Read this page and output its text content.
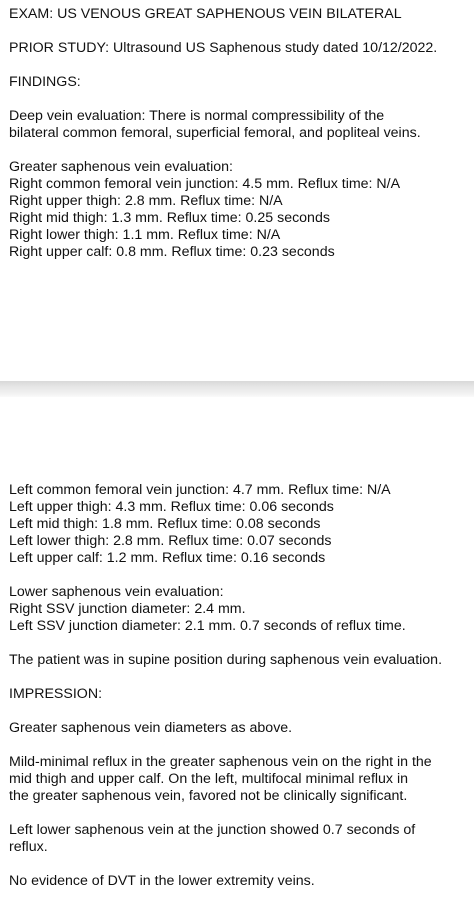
EXAM: US VENOUS GREAT SAPHENOUS VEIN BILATERAL
PRIOR STUDY: Ultrasound US Saphenous study dated 10/12/2022.
FINDINGS:
Deep vein evaluation: There is normal compressibility of the
bilateral common femoral, superficial femoral, and popliteal veins.
Greater saphenous vein evaluation:
Right common femoral vein junction: 4.5 mm. Reflux time: N/A
Right upper thigh: 2.8 mm. Reflux time: N/A
Right mid thigh: 1.3 mm. Reflux time: 0.25 seconds
Right lower thigh: 1.1 mm. Reflux time: N/A
Right upper calf: 0.8 mm. Reflux time: 0.23 seconds
Left common femoral vein junction: 4.7 mm. Reflux time: N/A
Left upper thigh: 4.3 mm. Reflux time: 0.06 seconds
Left mid thigh: 1.8 mm. Reflux time: 0.08 seconds
Left lower thigh: 2.8 mm. Reflux time: 0.07 seconds
Left upper calf: 1.2 mm. Reflux time: 0.16 seconds
Lower saphenous vein evaluation:
Right SSV junction diameter: 2.4 mm.
Left SSV junction diameter: 2.1 mm. 0.7 seconds of reflux time.
The patient was in supine position during saphenous vein evaluation.
IMPRESSION:
Greater saphenous vein diameters as above.
Mild-minimal reflux in the greater saphenous vein on the right in the
mid thigh and upper calf. On the left, multifocal minimal reflux in
the greater saphenous vein, favored not be clinically significant.
Left lower saphenous vein at the junction showed 0.7 seconds of
reflux.
No evidence of DVT in the lower extremity veins.
